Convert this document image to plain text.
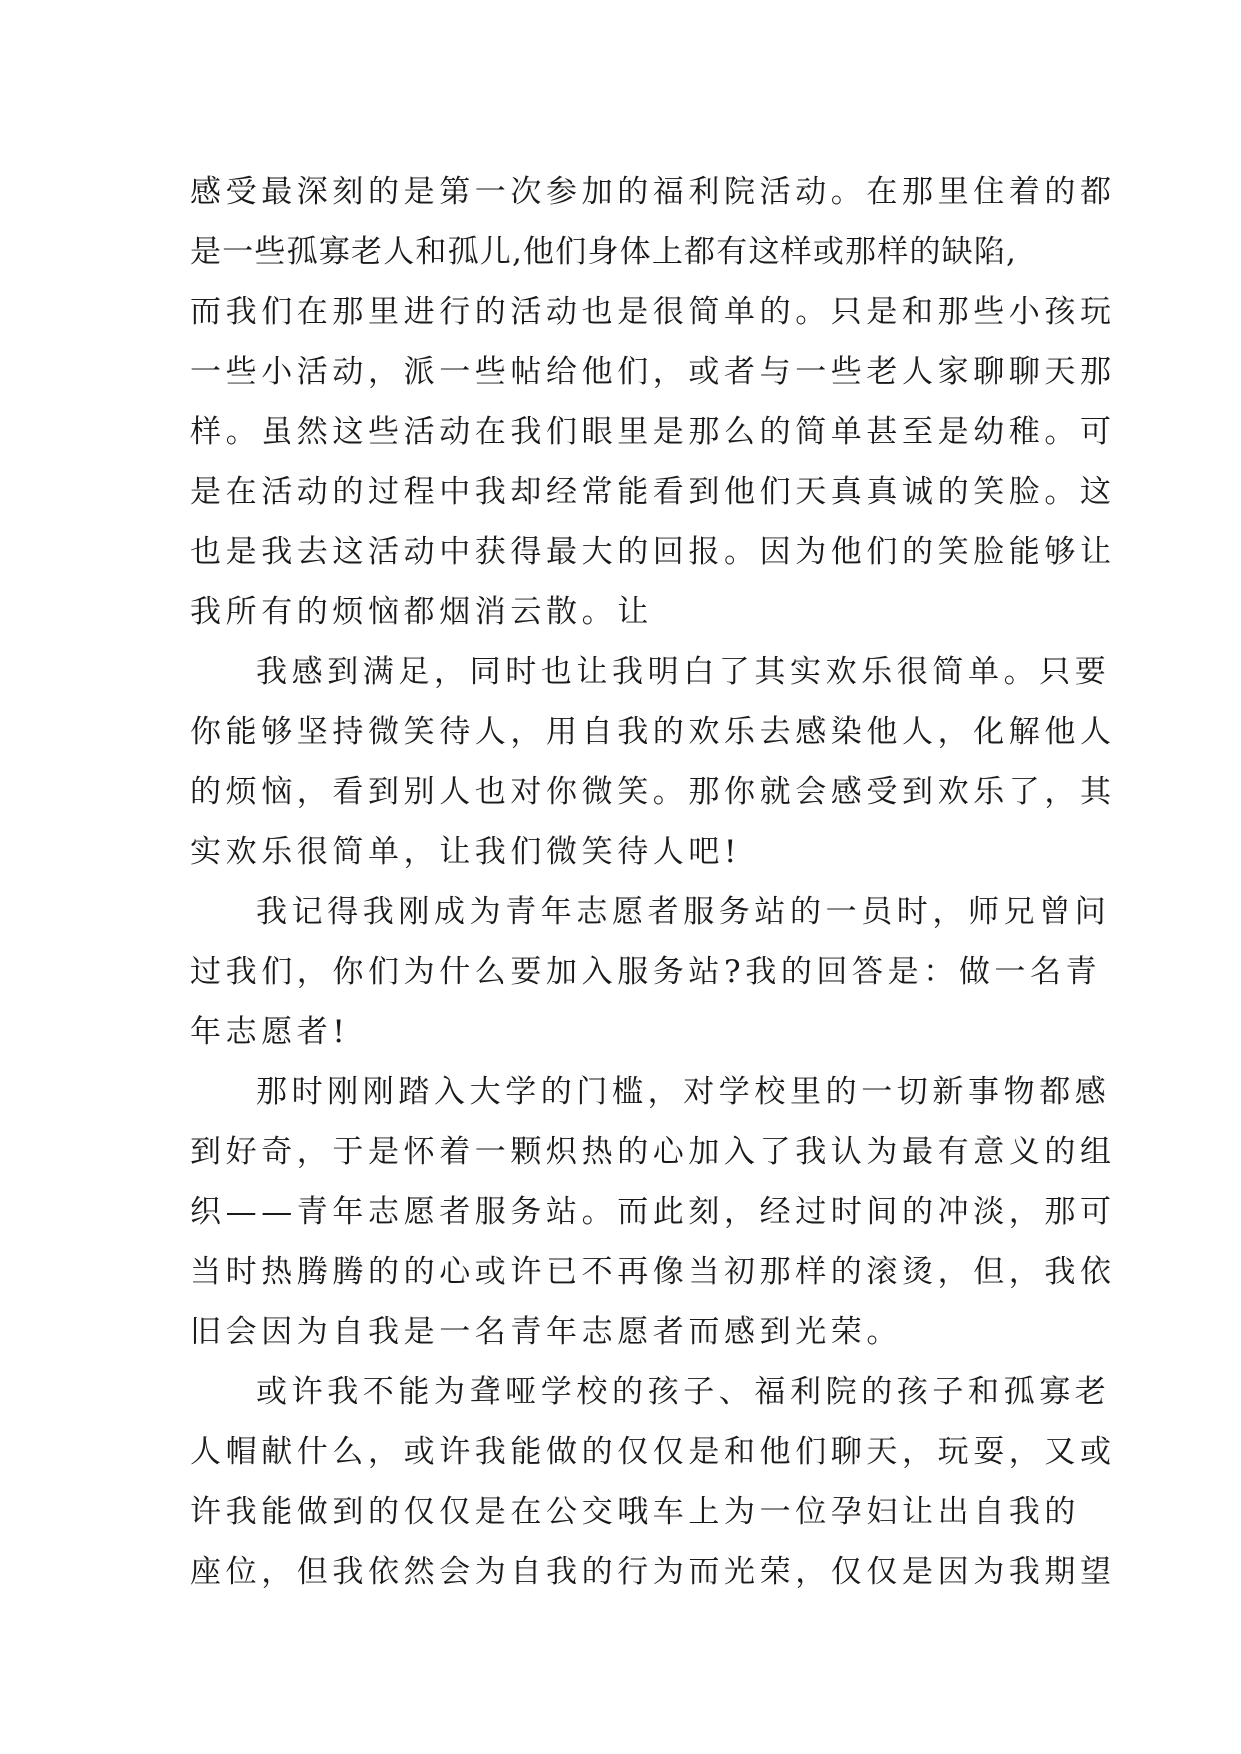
感受最深刻的是第一次参加的福利院活动。在那里住着的都
是一些孤寡老人和孤儿,他们身体上都有这样或那样的缺陷,
而我们在那里进行的活动也是很简单的。只是和那些小孩玩
一些小活动，派一些帖给他们，或者与一些老人家聊聊天那
样。虽然这些活动在我们眼里是那么的简单甚至是幼稚。可
是在活动的过程中我却经常能看到他们天真真诚的笑脸。这
也是我去这活动中获得最大的回报。因为他们的笑脸能够让
我所有的烦恼都烟消云散。让
我感到满足，同时也让我明白了其实欢乐很简单。只要
你能够坚持微笑待人，用自我的欢乐去感染他人，化解他人
的烦恼，看到别人也对你微笑。那你就会感受到欢乐了，其
实欢乐很简单，让我们微笑待人吧!
我记得我刚成为青年志愿者服务站的一员时，师兄曾问
过我们，你们为什么要加入服务站?我的回答是：做一名青
年志愿者!
那时刚刚踏入大学的门槛，对学校里的一切新事物都感
到好奇，于是怀着一颗炽热的心加入了我认为最有意义的组
织——青年志愿者服务站。而此刻，经过时间的冲淡，那可
当时热腾腾的的心或许已不再像当初那样的滚烫，但，我依
旧会因为自我是一名青年志愿者而感到光荣。
或许我不能为聋哑学校的孩子、福利院的孩子和孤寡老
人帽献什么，或许我能做的仅仅是和他们聊天，玩耍，又或
许我能做到的仅仅是在公交哦车上为一位孕妇让出自我的
座位，但我依然会为自我的行为而光荣，仅仅是因为我期望
